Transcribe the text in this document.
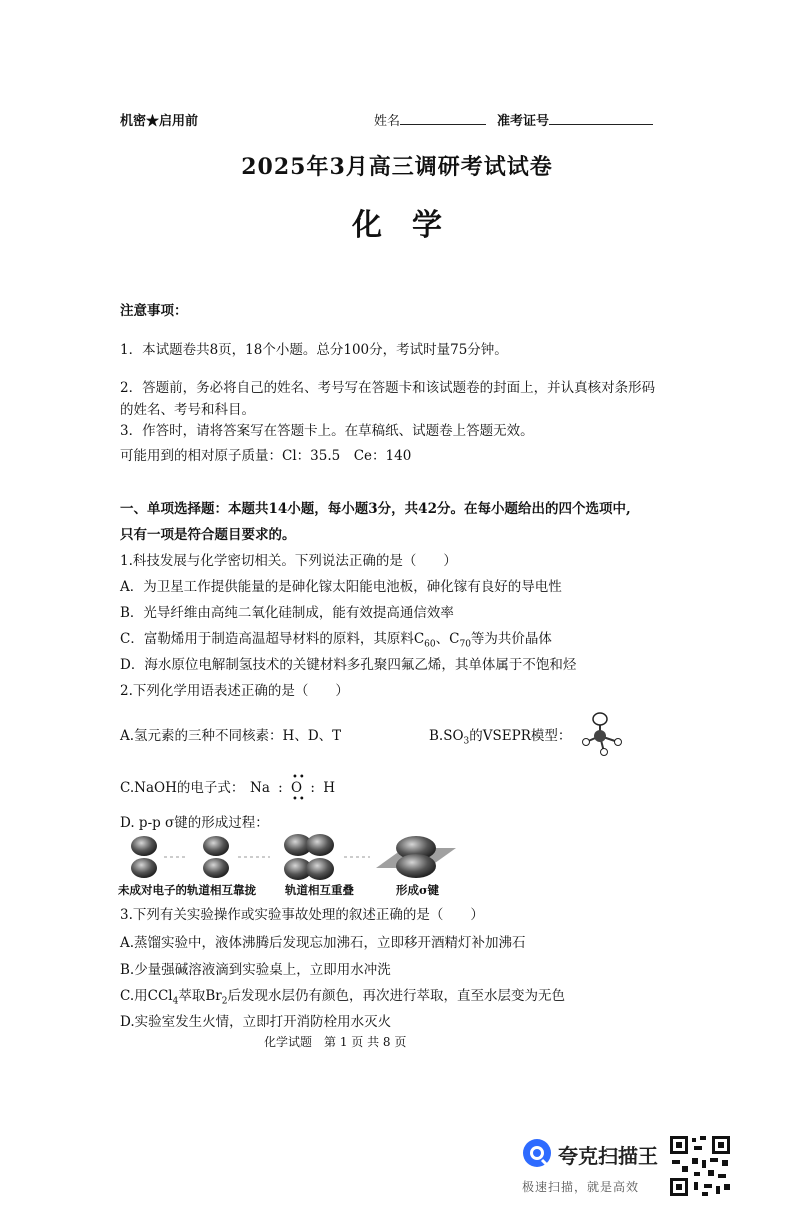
机密★启用前	姓名	准考证号
2025年3月高三调研考试试卷
化学
注意事项：
1．本试题卷共8页，18个小题。总分100分，考试时量75分钟。
2．答题前，务必将自己的姓名、考号写在答题卡和该试题卷的封面上，并认真核对条形码
的姓名、考号和科目。
3．作答时，请将答案写在答题卡上。在草稿纸、试题卷上答题无效。
可能用到的相对原子质量：Cl：35.5　Ce：140
一、单项选择题：本题共14小题，每小题3分，共42分。在每小题给出的四个选项中,
只有一项是符合题目要求的。
1.科技发展与化学密切相关。下列说法正确的是（　　）
A．为卫星工作提供能量的是砷化镓太阳能电池板，砷化镓有良好的导电性
B．光导纤维由高纯二氧化硅制成，能有效提高通信效率
C．富勒烯用于制造高温超导材料的原料，其原料$C_{60}$、$C_{70}$等为共价晶体
D．海水原位电解制氢技术的关键材料多孔聚四氟乙烯，其单体属于不饱和烃
2.下列化学用语表述正确的是（　　）
A.氢元素的三种不同核素：H、D、T	$B.SO_3$的VSEPR模型：
C.NaOH的电子式： Na : O
••
••
: H
D. p-p σ键的形成过程：
未成对电子的轨道相互靠拢	轨道相互重叠	形成σ键
3.下列有关实验操作或实验事故处理的叙述正确的是（　　）
A.蒸馏实验中，液体沸腾后发现忘加沸石，立即移开酒精灯补加沸石
B.少量强碱溶液滴到实验桌上，立即用水冲洗
C.用CCl$_4$萃取$Br_2$后发现水层仍有颜色，再次进行萃取，直至水层变为无色
D.实验室发生火情，立即打开消防栓用水灭火
化学试题　第 1 页 共 8 页
夸克扫描王
极速扫描，就是高效
